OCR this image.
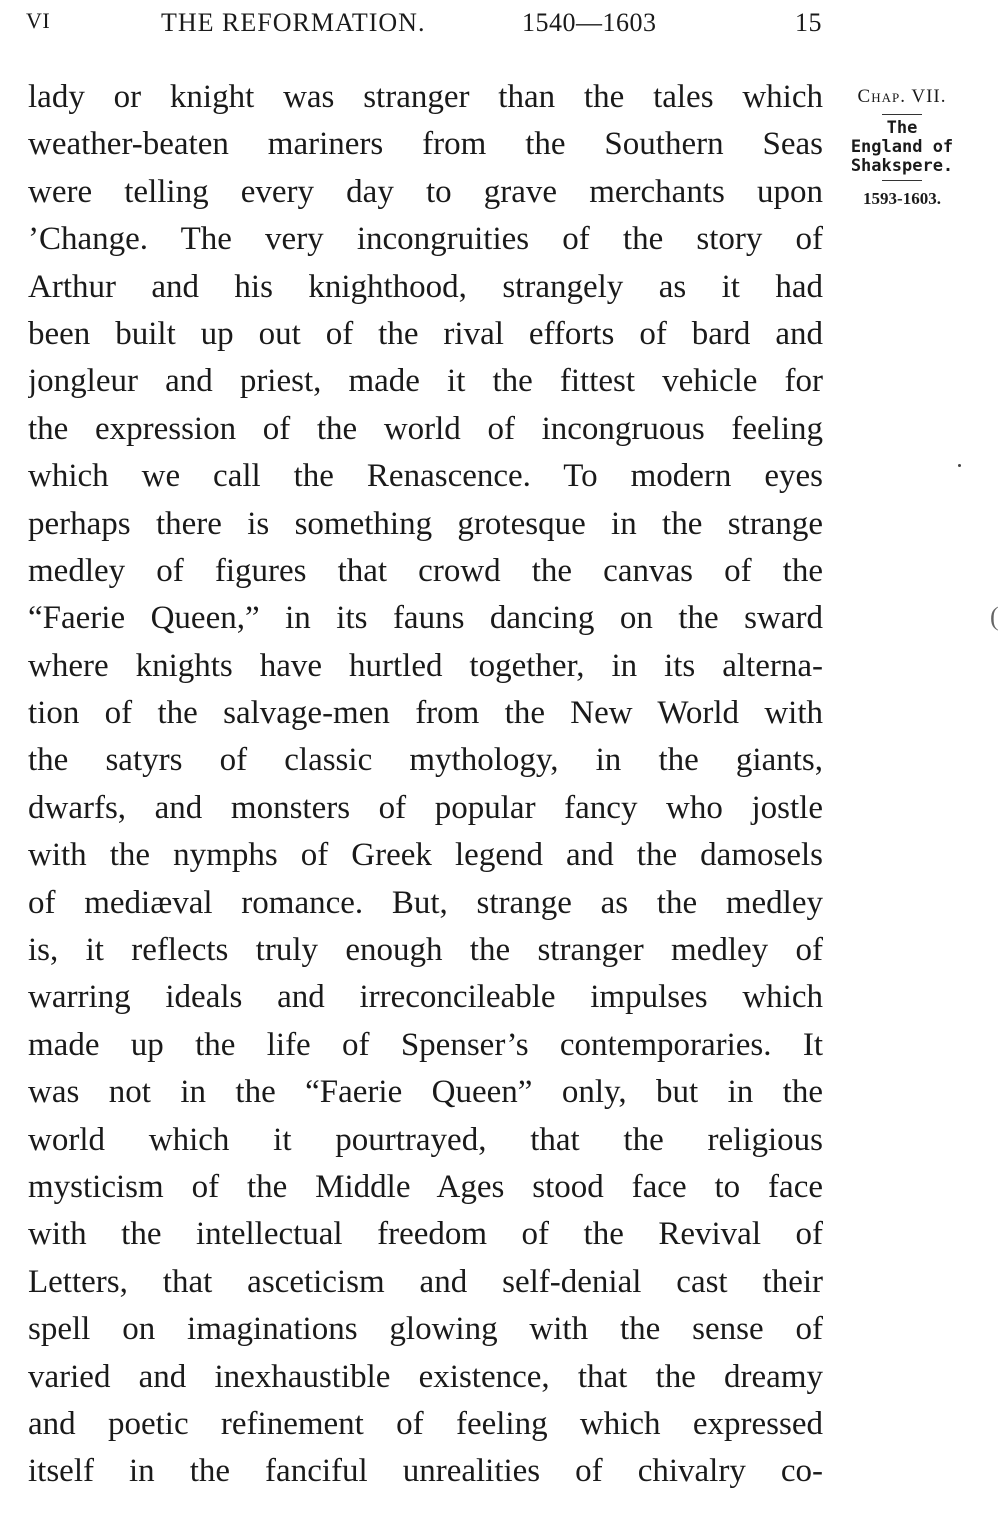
VI	THE REFORMATION.	1540—1603	15
lady or knight was stranger than the tales which
weather-beaten mariners from the Southern Seas
were telling every day to grave merchants upon
’Change. The very incongruities of the story of
Arthur and his knighthood, strangely as it had
been built up out of the rival efforts of bard and
jongleur and priest, made it the fittest vehicle for
the expression of the world of incongruous feeling
which we call the Renascence. To modern eyes
perhaps there is something grotesque in the strange
medley of figures that crowd the canvas of the
“Faerie Queen,” in its fauns dancing on the sward
where knights have hurtled together, in its alterna-
tion of the salvage-men from the New World with
the satyrs of classic mythology, in the giants,
dwarfs, and monsters of popular fancy who jostle
with the nymphs of Greek legend and the damosels
of mediæval romance. But, strange as the medley
is, it reflects truly enough the stranger medley of
warring ideals and irreconcileable impulses which
made up the life of Spenser’s contemporaries. It
was not in the “Faerie Queen” only, but in the
world which it pourtrayed, that the religious
mysticism of the Middle Ages stood face to face
with the intellectual freedom of the Revival of
Letters, that asceticism and self-denial cast their
spell on imaginations glowing with the sense of
varied and inexhaustible existence, that the dreamy
and poetic refinement of feeling which expressed
itself in the fanciful unrealities of chivalry co-
Chap. VII.
The
England of
Shakspere.
1593-1603.
(
